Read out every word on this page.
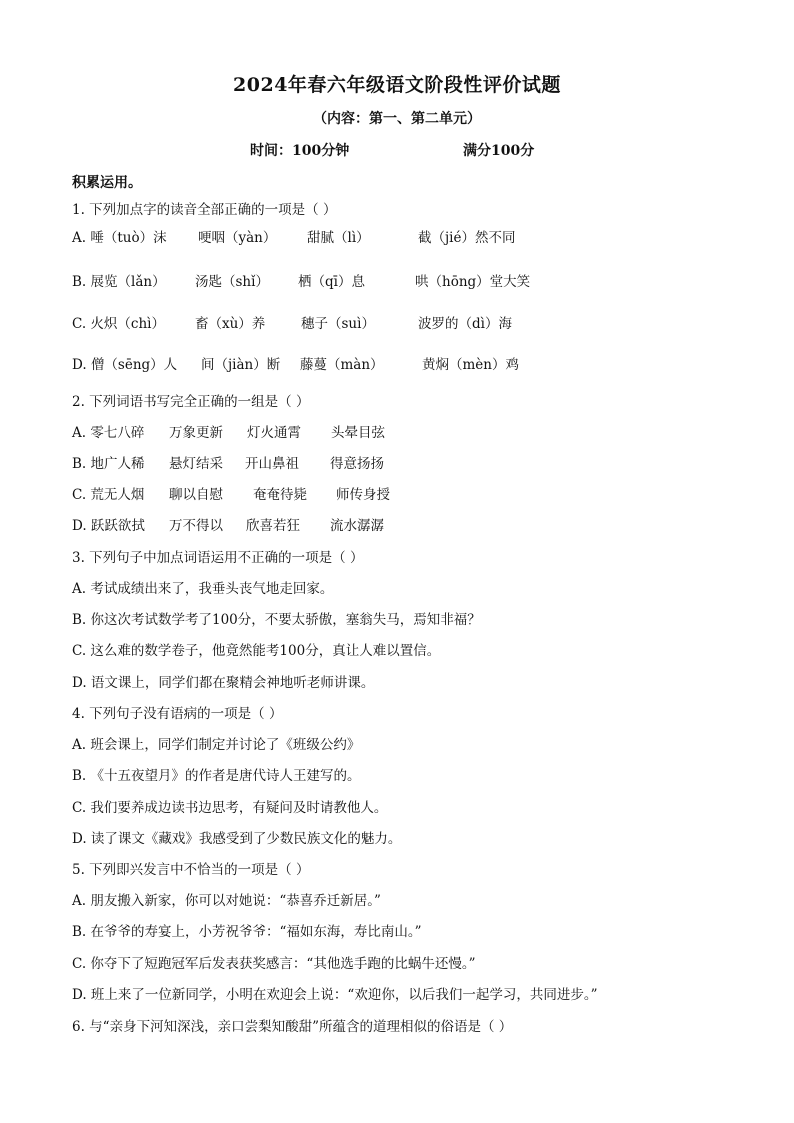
2024年春六年级语文阶段性评价试题
（内容：第一、第二单元）
时间：100分钟	满分100分
积累运用。
1. 下列加点字的读音全部正确的一项是（ ）
A. 唾（tuò）沫 哽咽（yàn） 甜腻（lì）	截（jié）然不同
B. 展览（lǎn） 汤匙（shǐ） 栖（qī）息	哄（hōng）堂大笑
C. 火炽（chì） 畜（xù）养	穗子（suì）	波罗的（dì）海
D. 僧（sēng）人 间（jiàn）断 藤蔓（màn）	黄焖（mèn）鸡
2. 下列词语书写完全正确的一组是（ ）
A. 零七八碎 万象更新 灯火通霄 头晕目弦
B. 地广人稀 悬灯结采 开山鼻祖 得意扬扬
C. 荒无人烟 聊以自慰 奄奄待毙 师传身授
D. 跃跃欲拭 万不得以 欣喜若狂 流水潺潺
3. 下列句子中加点词语运用不正确的一项是（ ）
A. 考试成绩出来了，我垂头丧气地走回家。
B. 你这次考试数学考了100分，不要太骄傲，塞翁失马，焉知非福？
C. 这么难的数学卷子，他竟然能考100分，真让人难以置信。
D. 语文课上，同学们都在聚精会神地听老师讲课。
4. 下列句子没有语病的一项是（ ）
A. 班会课上，同学们制定并讨论了《班级公约》
B. 《十五夜望月》的作者是唐代诗人王建写的。
C. 我们要养成边读书边思考，有疑问及时请教他人。
D. 读了课文《藏戏》我感受到了少数民族文化的魅力。
5. 下列即兴发言中不恰当的一项是（ ）
A. 朋友搬入新家，你可以对她说：“恭喜乔迁新居。”
B. 在爷爷的寿宴上，小芳祝爷爷：“福如东海，寿比南山。”
C. 你夺下了短跑冠军后发表获奖感言：“其他选手跑的比蜗牛还慢。”
D. 班上来了一位新同学，小明在欢迎会上说：“欢迎你，以后我们一起学习，共同进步。”
6. 与“亲身下河知深浅，亲口尝梨知酸甜”所蕴含的道理相似的俗语是（ ）
